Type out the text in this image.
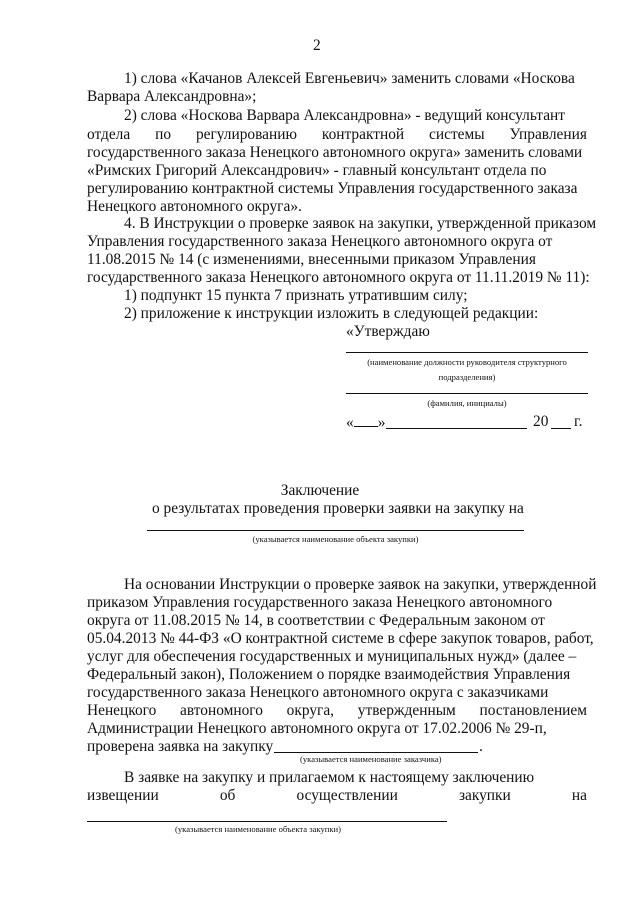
2
1) слова «Качанов Алексей Евгеньевич» заменить словами «Носкова
Варвара Александровна»;
2) слова «Носкова Варвара Александровна» - ведущий консультант
отдела по регулированию контрактной системы Управления
государственного заказа Ненецкого автономного округа» заменить словами
«Римских Григорий Александрович» - главный консультант отдела по
регулированию контрактной системы Управления государственного заказа
Ненецкого автономного округа».
4. В Инструкции о проверке заявок на закупки, утвержденной приказом
Управления государственного заказа Ненецкого автономного округа от
11.08.2015 № 14 (с изменениями, внесенными приказом Управления
государственного заказа Ненецкого автономного округа от 11.11.2019 № 11):
1) подпункт 15 пункта 7 признать утратившим силу;
2) приложение к инструкции изложить в следующей редакции:
«Утверждаю
(наименование должности руководителя структурного
подразделения)
(фамилия, инициалы)
« »	20 г.
Заключение
о результатах проведения проверки заявки на закупку на
(указывается наименование объекта закупки)
На основании Инструкции о проверке заявок на закупки, утвержденной
приказом Управления государственного заказа Ненецкого автономного
округа от 11.08.2015 № 14, в соответствии с Федеральным законом от
05.04.2013 № 44-ФЗ «О контрактной системе в сфере закупок товаров, работ,
услуг для обеспечения государственных и муниципальных нужд» (далее –
Федеральный закон), Положением о порядке взаимодействия Управления
государственного заказа Ненецкого автономного округа с заказчиками
Ненецкого автономного округа, утвержденным постановлением
Администрации Ненецкого автономного округа от 17.02.2006 № 29-п,
проверена заявка на закупку	.
(указывается наименование заказчика)
В заявке на закупку и прилагаемом к настоящему заключению
извещении	об	осуществлении	закупки	на
(указывается наименование объекта закупки)
